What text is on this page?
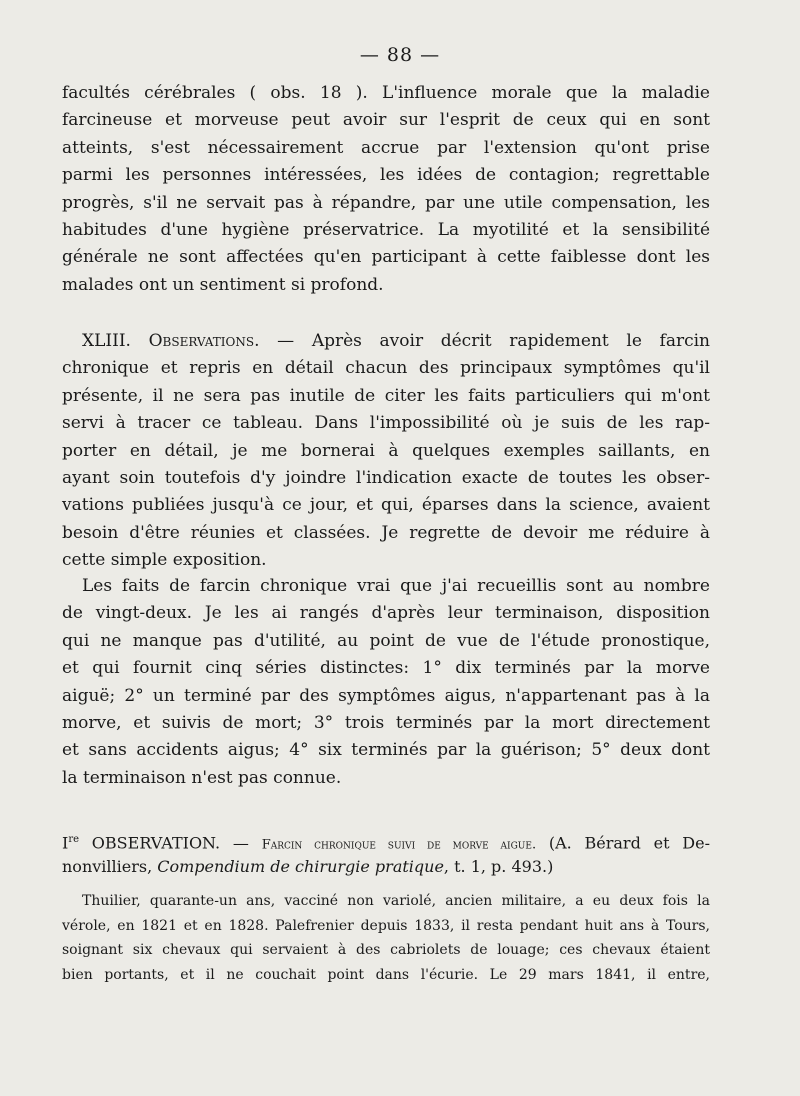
— 88 —
facultés cérébrales ( obs. 18 ). L'influence morale que la maladie
farcineuse et morveuse peut avoir sur l'esprit de ceux qui en sont
atteints, s'est nécessairement accrue par l'extension qu'ont prise
parmi les personnes intéressées, les idées de contagion; regrettable
progrès, s'il ne servait pas à répandre, par une utile compensation, les
habitudes d'une hygiène préservatrice. La myotilité et la sensibilité
générale ne sont affectées qu'en participant à cette faiblesse dont les
malades ont un sentiment si profond.
XLIII. Observations. — Après avoir décrit rapidement le farcin
chronique et repris en détail chacun des principaux symptômes qu'il
présente, il ne sera pas inutile de citer les faits particuliers qui m'ont
servi à tracer ce tableau. Dans l'impossibilité où je suis de les rap-
porter en détail, je me bornerai à quelques exemples saillants, en
ayant soin toutefois d'y joindre l'indication exacte de toutes les obser-
vations publiées jusqu'à ce jour, et qui, éparses dans la science, avaient
besoin d'être réunies et classées. Je regrette de devoir me réduire à
cette simple exposition.
Les faits de farcin chronique vrai que j'ai recueillis sont au nombre
de vingt-deux. Je les ai rangés d'après leur terminaison, disposition
qui ne manque pas d'utilité, au point de vue de l'étude pronostique,
et qui fournit cinq séries distinctes: 1° dix terminés par la morve
aiguë; 2° un terminé par des symptômes aigus, n'appartenant pas à la
morve, et suivis de mort; 3° trois terminés par la mort directement
et sans accidents aigus; 4° six terminés par la guérison; 5° deux dont
la terminaison n'est pas connue.
Ire OBSERVATION. — Farcin chronique suivi de morve aigue. (A. Bérard et De-
nonvilliers, Compendium de chirurgie pratique, t. 1, p. 493.)
Thuilier, quarante-un ans, vacciné non variolé, ancien militaire, a eu deux fois la
vérole, en 1821 et en 1828. Palefrenier depuis 1833, il resta pendant huit ans à Tours,
soignant six chevaux qui servaient à des cabriolets de louage; ces chevaux étaient
bien portants, et il ne couchait point dans l'écurie. Le 29 mars 1841, il entre,
